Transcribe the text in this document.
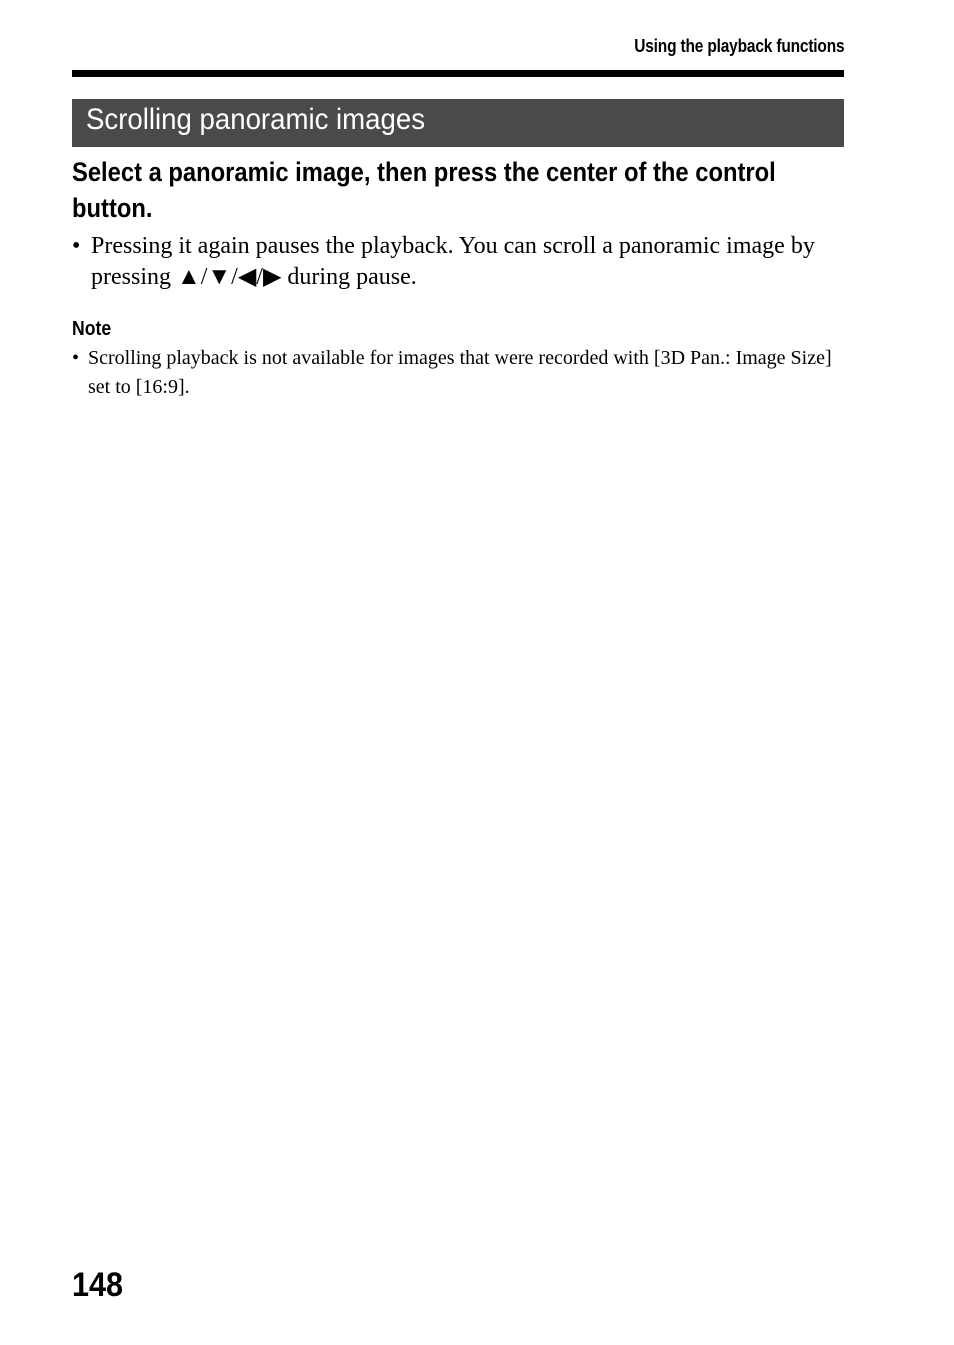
Using the playback functions
Scrolling panoramic images
Select a panoramic image, then press the center of the control button.
• Pressing it again pauses the playback. You can scroll a panoramic image by pressing ▲/▼/◀/▶ during pause.
Note
• Scrolling playback is not available for images that were recorded with [3D Pan.: Image Size] set to [16:9].
148
